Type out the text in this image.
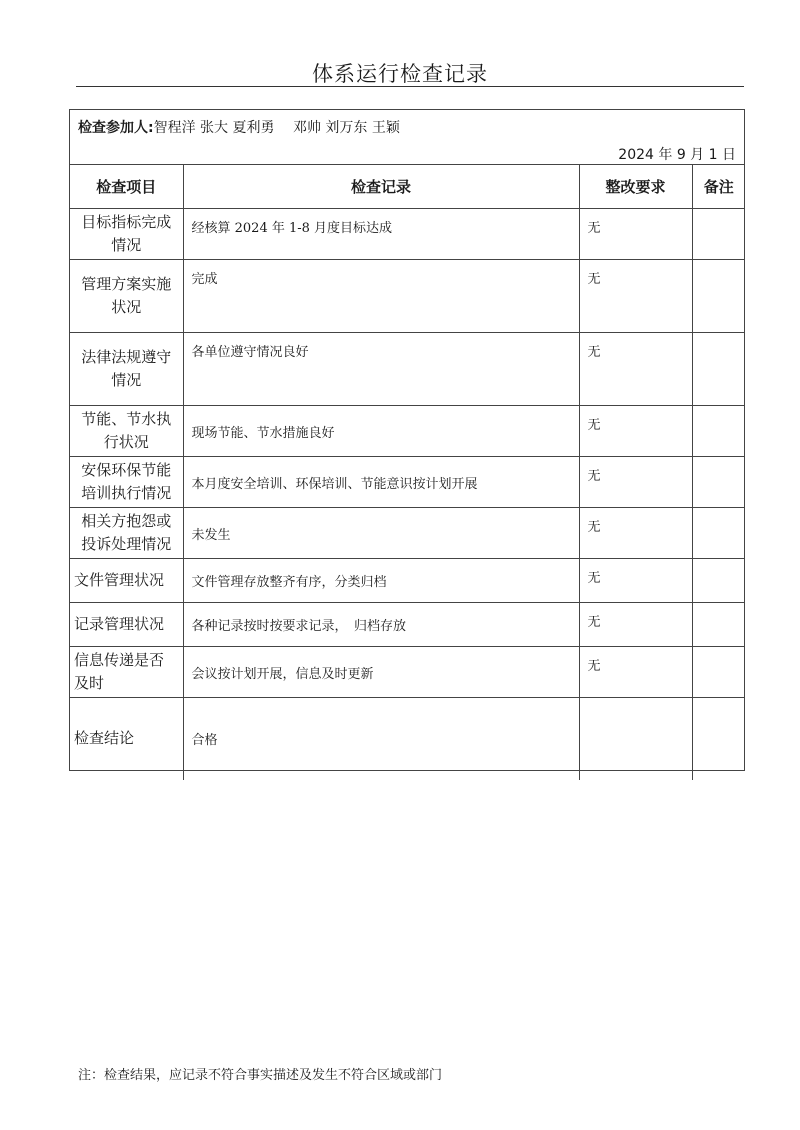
体系运行检查记录
检查参加人:智程洋 张大 夏利勇　 邓帅 刘万东 王颖
2024 年 9 月 1 日
检查项目	检查记录	整改要求	备注
目标指标完成情况	经核算 2024 年 1-8 月度目标达成	无	
管理方案实施状况	完成	无	
法律法规遵守情况	各单位遵守情况良好	无	
节能、节水执行状况	现场节能、节水措施良好	无	
安保环保节能培训执行情况	本月度安全培训、环保培训、节能意识按计划开展	无	
相关方抱怨或投诉处理情况	未发生	无	
文件管理状况	文件管理存放整齐有序，分类归档	无	
记录管理状况	各种记录按时按要求记录，　归档存放	无	
信息传递是否及时	会议按计划开展，信息及时更新	无	
检查结论	合格		
注：检查结果，应记录不符合事实描述及发生不符合区域或部门
